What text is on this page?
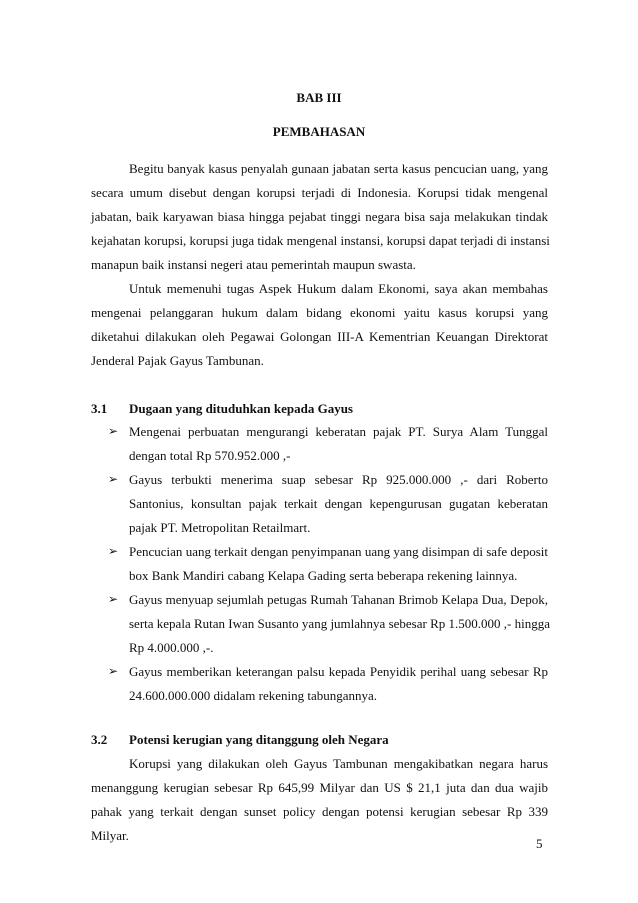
BAB III
PEMBAHASAN
Begitu banyak kasus penyalah gunaan jabatan serta kasus pencucian uang, yang
secara umum disebut dengan korupsi terjadi di Indonesia. Korupsi tidak mengenal
jabatan, baik karyawan biasa hingga pejabat tinggi negara bisa saja melakukan tindak
kejahatan korupsi, korupsi juga tidak mengenal instansi, korupsi dapat terjadi di instansi
manapun baik instansi negeri atau pemerintah maupun swasta.
Untuk memenuhi tugas Aspek Hukum dalam Ekonomi, saya akan membahas
mengenai pelanggaran hukum dalam bidang ekonomi yaitu kasus korupsi yang
diketahui dilakukan oleh Pegawai Golongan III-A Kementrian Keuangan Direktorat
Jenderal Pajak Gayus Tambunan.
3.1 Dugaan yang dituduhkan kepada Gayus
➢ Mengenai perbuatan mengurangi keberatan pajak PT. Surya Alam Tunggal
dengan total Rp 570.952.000 ,-
➢ Gayus terbukti menerima suap sebesar Rp 925.000.000 ,- dari Roberto
Santonius, konsultan pajak terkait dengan kepengurusan gugatan keberatan
pajak PT. Metropolitan Retailmart.
➢ Pencucian uang terkait dengan penyimpanan uang yang disimpan di safe deposit
box Bank Mandiri cabang Kelapa Gading serta beberapa rekening lainnya.
➢ Gayus menyuap sejumlah petugas Rumah Tahanan Brimob Kelapa Dua, Depok,
serta kepala Rutan Iwan Susanto yang jumlahnya sebesar Rp 1.500.000 ,- hingga
Rp 4.000.000 ,-.
➢ Gayus memberikan keterangan palsu kepada Penyidik perihal uang sebesar Rp
24.600.000.000 didalam rekening tabungannya.
3.2 Potensi kerugian yang ditanggung oleh Negara
Korupsi yang dilakukan oleh Gayus Tambunan mengakibatkan negara harus
menanggung kerugian sebesar Rp 645,99 Milyar dan US $ 21,1 juta dan dua wajib
pahak yang terkait dengan sunset policy dengan potensi kerugian sebesar Rp 339
Milyar.
5
